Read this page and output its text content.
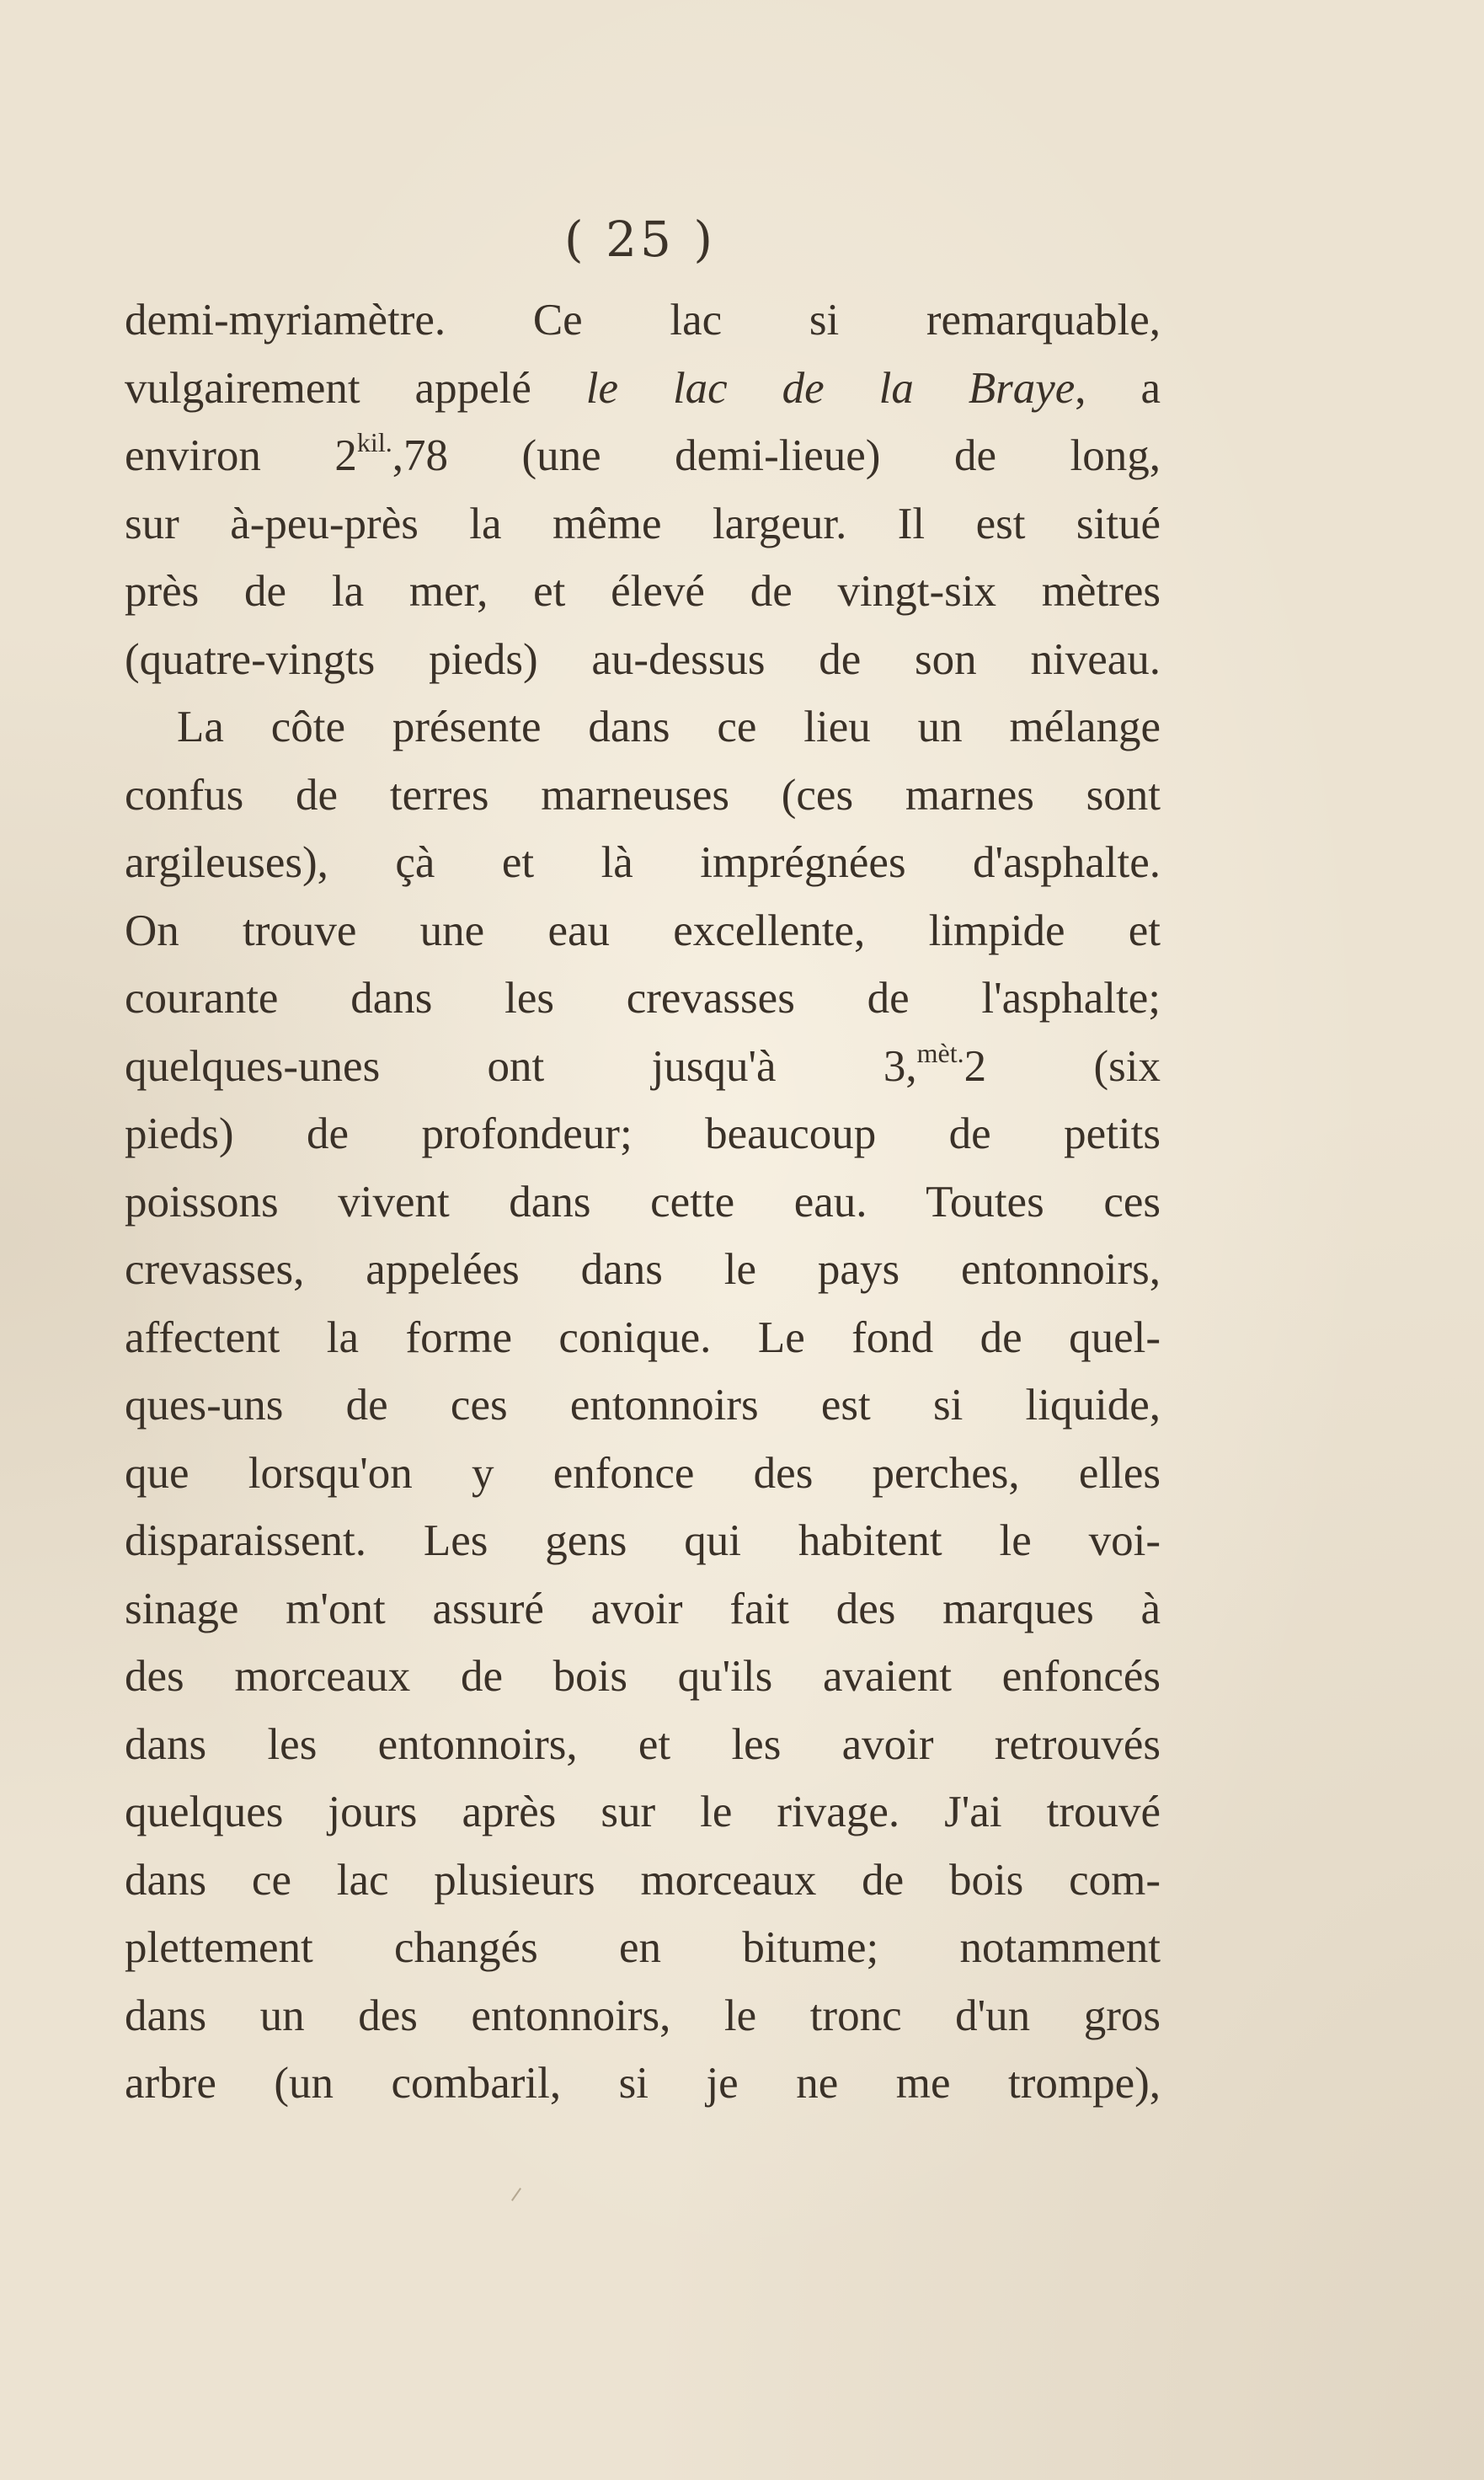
( 25 )
demi-myriamètre. Ce lac si remarquable,
vulgairement appelé le lac de la Braye, a
environ $2^{kil.},78$ (une demi-lieue) de long,
sur à-peu-près la même largeur. Il est situé
près de la mer, et élevé de vingt-six mètres
(quatre-vingts pieds) au-dessus de son niveau.
La côte présente dans ce lieu un mélange
confus de terres marneuses (ces marnes sont
argileuses), çà et là imprégnées d'asphalte.
On trouve une eau excellente, limpide et
courante dans les crevasses de l'asphalte;
quelques-unes ont jusqu'à 3,$^{mèt.}$2 (six
pieds) de profondeur; beaucoup de petits
poissons vivent dans cette eau. Toutes ces
crevasses, appelées dans le pays entonnoirs,
affectent la forme conique. Le fond de quel-
ques-uns de ces entonnoirs est si liquide,
que lorsqu'on y enfonce des perches, elles
disparaissent. Les gens qui habitent le voi-
sinage m'ont assuré avoir fait des marques à
des morceaux de bois qu'ils avaient enfoncés
dans les entonnoirs, et les avoir retrouvés
quelques jours après sur le rivage. J'ai trouvé
dans ce lac plusieurs morceaux de bois com-
plettement changés en bitume; notamment
dans un des entonnoirs, le tronc d'un gros
arbre (un combaril, si je ne me trompe),
